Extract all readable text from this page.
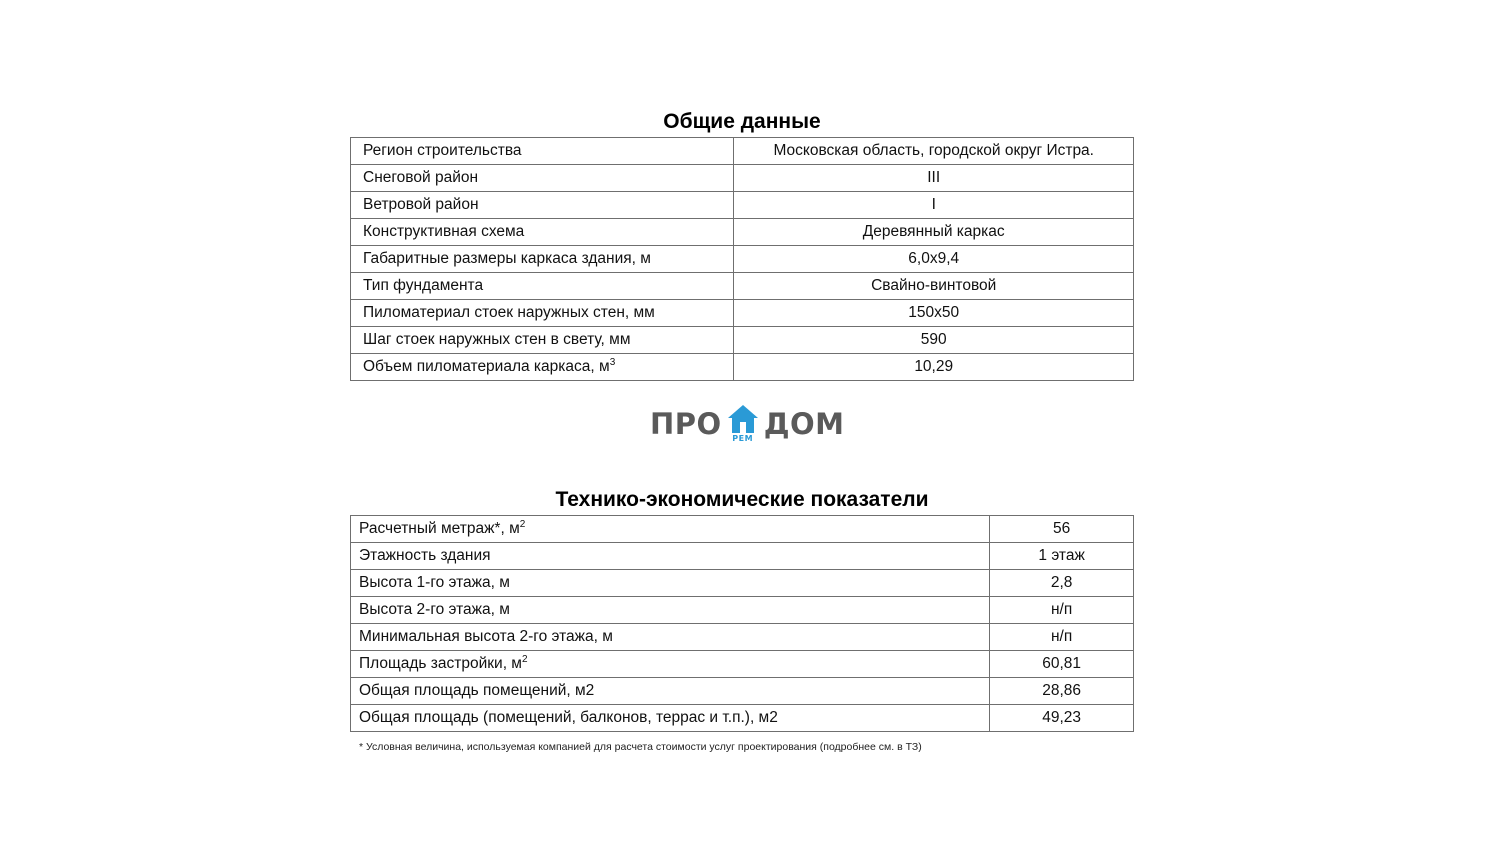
Общие данные
Регион строительства	Московская область, городской округ Истра.
Снеговой район	III
Ветровой район	I
Конструктивная схема	Деревянный каркас
Габаритные размеры каркаса здания, м	6,0х9,4
Тип фундамента	Свайно-винтовой
Пиломатериал стоек наружных стен, мм	150х50
Шаг стоек наружных стен в свету, мм	590
Объем пиломатериала каркаса, $м^3$	10,29
ПРО	РЕМ ДОМ
Технико-экономические показатели
Расчетный метраж*, $м^2$	56
Этажность здания	1 этаж
Высота 1-го этажа, м	2,8
Высота 2-го этажа, м	н/п
Минимальная высота 2-го этажа, м	н/п
Площадь застройки, $м^2$	60,81
Общая площадь помещений, м2	28,86
Общая площадь (помещений, балконов, террас и т.п.), м2	49,23
* Условная величина, используемая компанией для расчета стоимости услуг проектирования (подробнее см. в ТЗ)
